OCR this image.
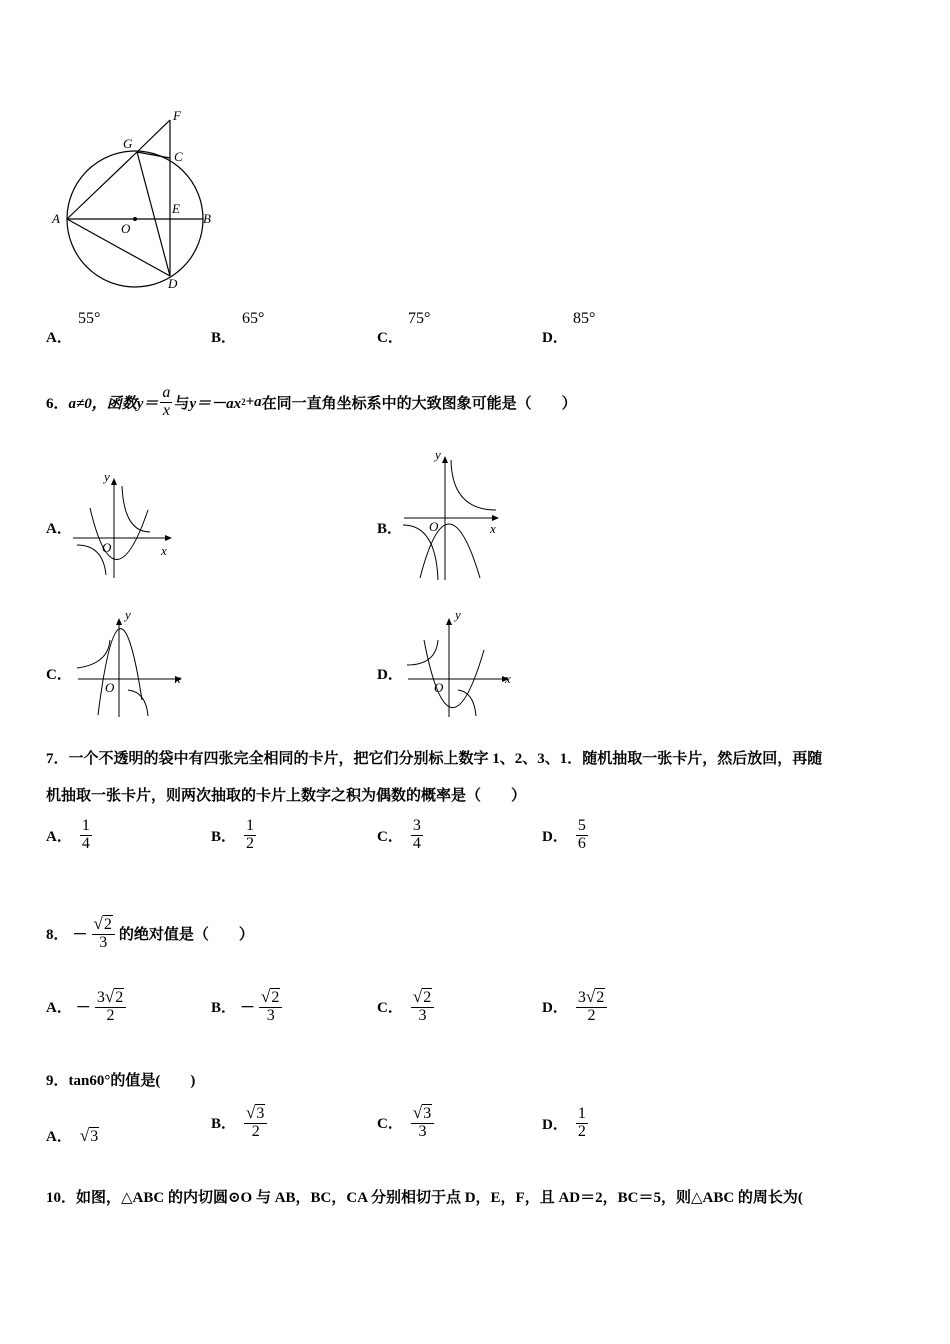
F
G
C
A
O
E
B
D
A．
55°
B．
65°
C．
75°
D．
85°
6． a≠0，函数 $y= \frac{a}{x}$ 与 y＝－ax 2 +a 在同一直角坐标系中的大致图象可能是（　　）
A．
y
x
O
B．
y
x
O
C．
y
x
O
D．
y
x
O
7．一个不透明的袋中有四张完全相同的卡片，把它们分别标上数字 1、2、3、1．随机抽取一张卡片，然后放回，再随
机抽取一张卡片，则两次抽取的卡片上数字之积为偶数的概率是（　　）
A． $\frac{1}{4}$	B． $\frac{1}{2}$	C． $\frac{3}{4}$	D． $\frac{5}{6}$
8． － $\frac{√2}{3}$ 的绝对值是（　　）
A． － $\frac{3√2}{2}$	B． － $\frac{√2}{3}$	C． $\frac{√2}{3}$	D． $\frac{3√2}{2}$
9．tan60°的值是(　　)
A． √3
B． $\frac{√3}{2}$	C． $\frac{√3}{3}$	D． $\frac{1}{2}$
10．如图，△ABC 的内切圆⊙O 与 AB，BC，CA 分别相切于点 D，E，F，且 AD＝2，BC＝5，则△ABC 的周长为(
